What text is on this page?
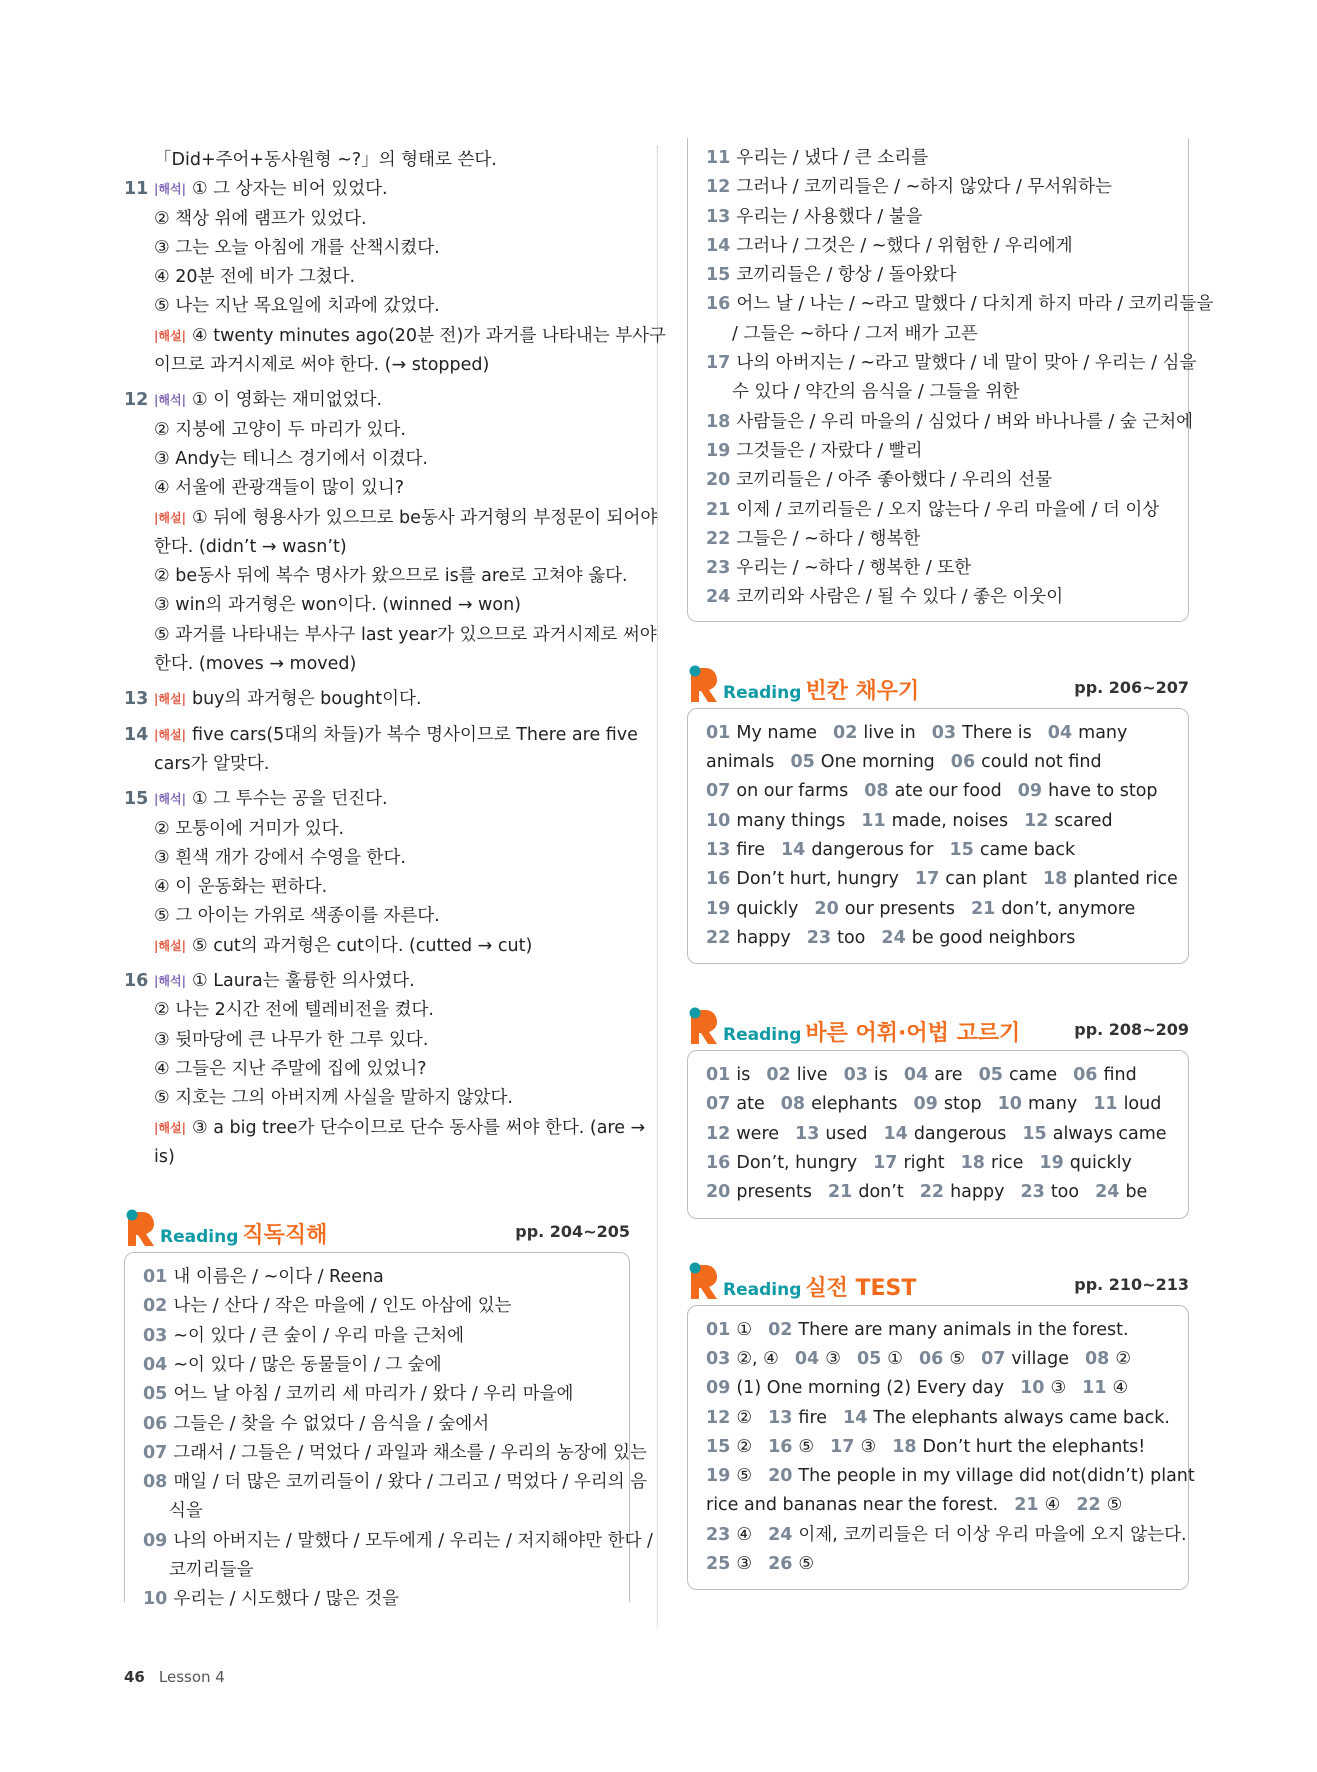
「Did+주어+동사원형 ~?」의 형태로 쓴다.
11 |해석| ① 그 상자는 비어 있었다.
② 책상 위에 램프가 있었다.
③ 그는 오늘 아침에 개를 산책시켰다.
④ 20분 전에 비가 그쳤다.
⑤ 나는 지난 목요일에 치과에 갔었다.
|해설| ④ twenty minutes ago(20분 전)가 과거를 나타내는 부사구
이므로 과거시제로 써야 한다. (→ stopped)
12 |해석| ① 이 영화는 재미없었다.
② 지붕에 고양이 두 마리가 있다.
③ Andy는 테니스 경기에서 이겼다.
④ 서울에 관광객들이 많이 있니?
|해설| ① 뒤에 형용사가 있으므로 be동사 과거형의 부정문이 되어야
한다. (didn’t → wasn’t)
② be동사 뒤에 복수 명사가 왔으므로 is를 are로 고쳐야 옳다.
③ win의 과거형은 won이다. (winned → won)
⑤ 과거를 나타내는 부사구 last year가 있으므로 과거시제로 써야
한다. (moves → moved)
13 |해설| buy의 과거형은 bought이다.
14 |해설| five cars(5대의 차들)가 복수 명사이므로 There are five
cars가 알맞다.
15 |해석| ① 그 투수는 공을 던진다.
② 모퉁이에 거미가 있다.
③ 흰색 개가 강에서 수영을 한다.
④ 이 운동화는 편하다.
⑤ 그 아이는 가위로 색종이를 자른다.
|해설| ⑤ cut의 과거형은 cut이다. (cutted → cut)
16 |해석| ① Laura는 훌륭한 의사였다.
② 나는 2시간 전에 텔레비전을 켰다.
③ 뒷마당에 큰 나무가 한 그루 있다.
④ 그들은 지난 주말에 집에 있었니?
⑤ 지호는 그의 아버지께 사실을 말하지 않았다.
|해설| ③ a big tree가 단수이므로 단수 동사를 써야 한다. (are →
is)
Reading 직독직해	pp. 204~205
01 내 이름은 / ~이다 / Reena
02 나는 / 산다 / 작은 마을에 / 인도 아삼에 있는
03 ~이 있다 / 큰 숲이 / 우리 마을 근처에
04 ~이 있다 / 많은 동물들이 / 그 숲에
05 어느 날 아침 / 코끼리 세 마리가 / 왔다 / 우리 마을에
06 그들은 / 찾을 수 없었다 / 음식을 / 숲에서
07 그래서 / 그들은 / 먹었다 / 과일과 채소를 / 우리의 농장에 있는
08 매일 / 더 많은 코끼리들이 / 왔다 / 그리고 / 먹었다 / 우리의 음
식을
09 나의 아버지는 / 말했다 / 모두에게 / 우리는 / 저지해야만 한다 /
코끼리들을
10 우리는 / 시도했다 / 많은 것을
11 우리는 / 냈다 / 큰 소리를
12 그러나 / 코끼리들은 / ~하지 않았다 / 무서워하는
13 우리는 / 사용했다 / 불을
14 그러나 / 그것은 / ~했다 / 위험한 / 우리에게
15 코끼리들은 / 항상 / 돌아왔다
16 어느 날 / 나는 / ~라고 말했다 / 다치게 하지 마라 / 코끼리들을
/ 그들은 ~하다 / 그저 배가 고픈
17 나의 아버지는 / ~라고 말했다 / 네 말이 맞아 / 우리는 / 심을
수 있다 / 약간의 음식을 / 그들을 위한
18 사람들은 / 우리 마을의 / 심었다 / 벼와 바나나를 / 숲 근처에
19 그것들은 / 자랐다 / 빨리
20 코끼리들은 / 아주 좋아했다 / 우리의 선물
21 이제 / 코끼리들은 / 오지 않는다 / 우리 마을에 / 더 이상
22 그들은 / ~하다 / 행복한
23 우리는 / ~하다 / 행복한 / 또한
24 코끼리와 사람은 / 될 수 있다 / 좋은 이웃이
Reading 빈칸 채우기	pp. 206~207
01 My name 02 live in 03 There is 04 many
animals 05 One morning 06 could not find
07 on our farms 08 ate our food 09 have to stop
10 many things 11 made, noises 12 scared
13 fire 14 dangerous for 15 came back
16 Don’t hurt, hungry 17 can plant 18 planted rice
19 quickly 20 our presents 21 don’t, anymore
22 happy 23 too 24 be good neighbors
Reading 바른 어휘·어법 고르기	pp. 208~209
01 is 02 live 03 is 04 are 05 came 06 find
07 ate 08 elephants 09 stop 10 many 11 loud
12 were 13 used 14 dangerous 15 always came
16 Don’t, hungry 17 right 18 rice 19 quickly
20 presents 21 don’t 22 happy 23 too 24 be
Reading 실전 TEST	pp. 210~213
01 ① 02 There are many animals in the forest.
03 ②, ④ 04 ③ 05 ① 06 ⑤ 07 village 08 ②
09 (1) One morning (2) Every day 10 ③ 11 ④
12 ② 13 fire 14 The elephants always came back.
15 ② 16 ⑤ 17 ③ 18 Don’t hurt the elephants!
19 ⑤ 20 The people in my village did not(didn’t) plant
rice and bananas near the forest. 21 ④ 22 ⑤
23 ④ 24 이제, 코끼리들은 더 이상 우리 마을에 오지 않는다.
25 ③ 26 ⑤
46 Lesson 4
